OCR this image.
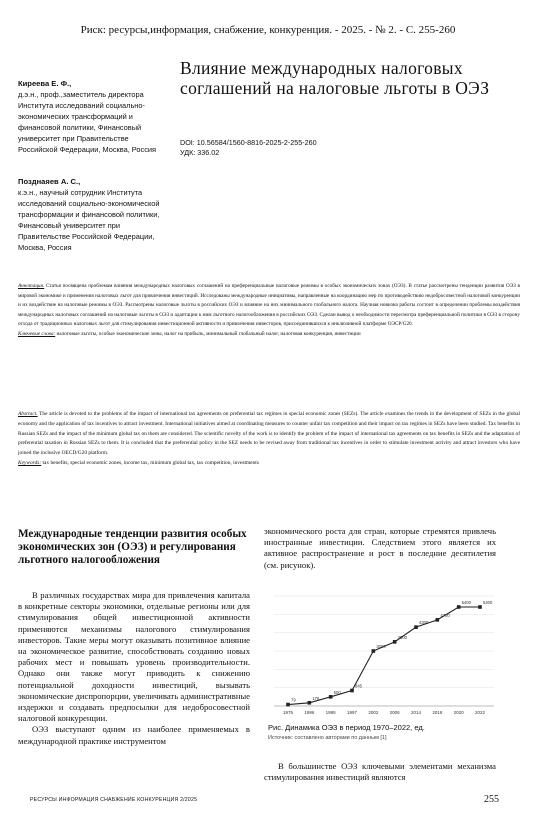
Риск: ресурсы,информация, снабжение, конкуренция. - 2025. - № 2. - С. 255-260
Киреева Е. Ф.,
д.э.н., проф.,заместитель директора Института исследований социально-экономических трансформаций и финансовой политики, Финансовый университет при Правительстве Российской Федерации, Москва, Россия
Позднаяев А. С.,
к.э.н., научный сотрудник Института исследований социально-экономической трансформации и финансовой политики, Финансовый университет при Правительстве Российской Федерации, Москва, Россия
Влияние международных налоговых соглашений на налоговые льготы в ОЭЗ
DOI: 10.56584/1560-8816-2025-2-255-260
УДК: 336.02
Аннотация. Статья посвящена проблемам влияния международных налоговых соглашений на преференциальные налоговые режимы в особых экономических зонах (ОЭЗ). В статье рассмотрены тенденции развития ОЭЗ в мировой экономике и применения налоговых льгот для привлечения инвестиций. Исследованы международные инициативы, направленные на координацию мер по противодействию недобросовестной налоговой конкуренции и их воздействие на налоговые режимы в ОЭЗ. Рассмотрены налоговые льготы в российских ОЭЗ и влияние на них минимального глобального налога. Научная новизна работы состоит в определении проблемы воздействия международных налоговых соглашений на налоговые льготы в ОЭЗ и адаптации к ним льготного налогообложения в российских ОЭЗ. Сделан вывод о необходимости пересмотра преференциальной политики в ОЭЗ в сторону отхода от традиционных налоговых льгот для стимулирования инвестиционной активности и привлечения инвесторов, присоединившихся к инклюзивной платформе ОЭСР/G20.
Ключевые слова: налоговые льготы, особые экономические зоны, налог на прибыль, минимальный глобальный налог, налоговая конкуренция, инвестиции
Abstract. The article is devoted to the problems of the impact of international tax agreements on preferential tax regimes in special economic zones (SEZs). The article examines the trends in the development of SEZs in the global economy and the application of tax incentives to attract investment. International initiatives aimed at coordinating measures to counter unfair tax competition and their impact on tax regimes in SEZs have been studied. Tax benefits in Russian SEZs and the impact of the minimum global tax on them are considered. The scientific novelty of the work is to identify the problem of the impact of international tax agreements on tax benefits in SEZs and the adaptation of preferential taxation in Russian SEZs to them. It is concluded that the preferential policy in the SEZ needs to be revised away from traditional tax incentives in order to stimulate investment activity and attract investors who have joined the inclusive OECD/G20 platform.
Keywords: tax benefits, special economic zones, income tax, minimum global tax, tax competition, investments
Международные тенденции развития особых экономических зон (ОЭЗ) и регулирования льготного налогообложения

В различных государствах мира для привлечения капитала в конкретные секторы экономики, отдельные регионы или для стимулирования общей инвестиционной активности применяются механизмы налогового стимулирования инвесторов. Такие меры могут оказывать позитивное влияние на экономическое развитие, способствовать созданию новых рабочих мест и повышать уровень производительности. Однако они также могут приводить к снижению потенциальной доходности инвестиций, вызывать экономические диспропорции, увеличивать административные издержки и создавать предпосылки для недобросовестной налоговой конкуренции.

ОЭЗ выступают одним из наиболее применяемых в международной практике инструментом

экономического роста для стран, которые стремятся привлечь иностранные инвестиции. Следствием этого является их активное распространение и рост в последние десятилетия (см. рисунок).

79
1975
176
1986
500
1995
845
1997
3000
2002
3500
2006
4300
2014
4700
2018
5400
2020
5400
2022
Рис. Динамика ОЭЗ в период 1970–2022, ед.
Источник: составлено авторами по данным [1]

В большинстве ОЭЗ ключевыми элементами механизма стимулирования инвестиций являются

РЕСУРСЫ ИНФОРМАЦИЯ СНАБЖЕНИЕ КОНКУРЕНЦИЯ 2/2025	255
